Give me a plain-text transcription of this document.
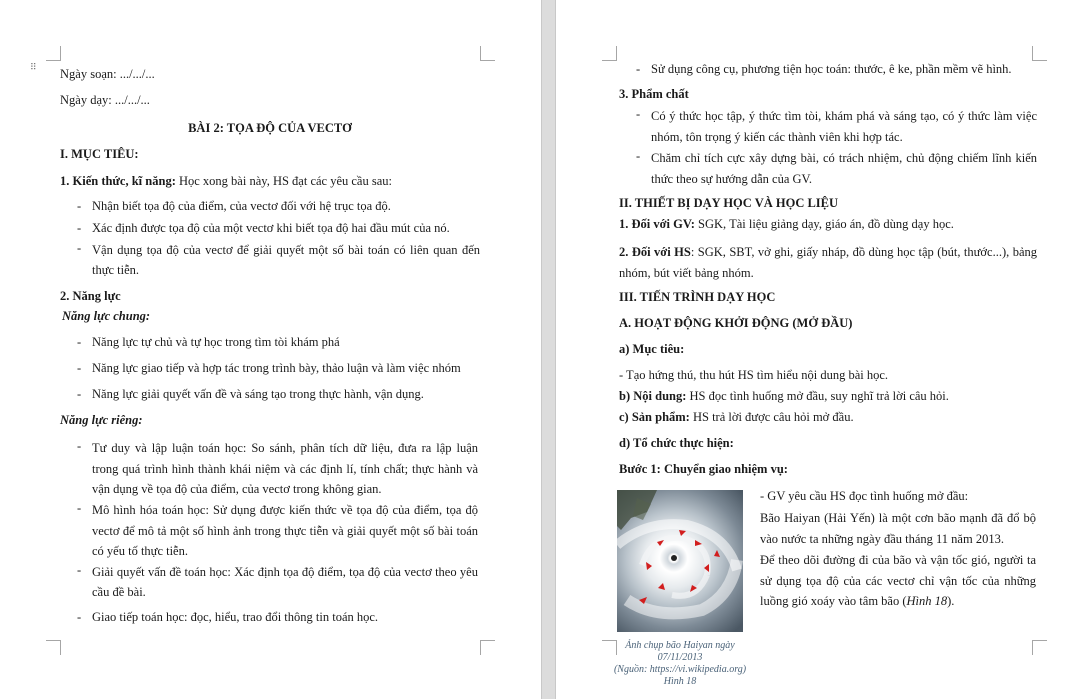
⠿ Ngày soạn: .../.../...
Ngày dạy: .../.../...
BÀI 2: TỌA ĐỘ CỦA VECTƠ
I. MỤC TIÊU:
1. Kiến thức, kĩ năng: Học xong bài này, HS đạt các yêu cầu sau:
- Nhận biết tọa độ của điểm, của vectơ đối với hệ trục tọa độ.
- Xác định được tọa độ của một vectơ khi biết tọa độ hai đầu mút của nó.
- Vận dụng tọa độ của vectơ để giải quyết một số bài toán có liên quan đến thực tiễn.
2. Năng lực
Năng lực chung:
- Năng lực tự chủ và tự học trong tìm tòi khám phá
- Năng lực giao tiếp và hợp tác trong trình bày, thảo luận và làm việc nhóm
- Năng lực giải quyết vấn đề và sáng tạo trong thực hành, vận dụng.
Năng lực riêng:
- Tư duy và lập luận toán học: So sánh, phân tích dữ liệu, đưa ra lập luận trong quá trình hình thành khái niệm và các định lí, tính chất; thực hành và vận dụng về tọa độ của điểm, của vectơ trong không gian.
- Mô hình hóa toán học: Sử dụng được kiến thức về tọa độ của điểm, tọa độ vectơ để mô tả một số hình ảnh trong thực tiễn và giải quyết một số bài toán có yếu tố thực tiễn.
- Giải quyết vấn đề toán học: Xác định tọa độ điểm, tọa độ của vectơ theo yêu cầu đề bài.
- Giao tiếp toán học: đọc, hiểu, trao đổi thông tin toán học.
- Sử dụng công cụ, phương tiện học toán: thước, ê ke, phần mềm vẽ hình.
3. Phẩm chất
- Có ý thức học tập, ý thức tìm tòi, khám phá và sáng tạo, có ý thức làm việc nhóm, tôn trọng ý kiến các thành viên khi hợp tác.
- Chăm chỉ tích cực xây dựng bài, có trách nhiệm, chủ động chiếm lĩnh kiến thức theo sự hướng dẫn của GV.
II. THIẾT BỊ DẠY HỌC VÀ HỌC LIỆU
1. Đối với GV: SGK, Tài liệu giảng dạy, giáo án, đồ dùng dạy học.
2. Đối với HS: SGK, SBT, vở ghi, giấy nháp, đồ dùng học tập (bút, thước...), bảng nhóm, bút viết bảng nhóm.
III. TIẾN TRÌNH DẠY HỌC
A. HOẠT ĐỘNG KHỞI ĐỘNG (MỞ ĐẦU)
a) Mục tiêu:
- Tạo hứng thú, thu hút HS tìm hiểu nội dung bài học.
b) Nội dung: HS đọc tình huống mở đầu, suy nghĩ trả lời câu hỏi.
c) Sản phẩm: HS trả lời được câu hỏi mở đầu.
d) Tổ chức thực hiện:
Bước 1: Chuyển giao nhiệm vụ:
Ảnh chụp bão Haiyan ngày
07/11/2013
(Nguồn: https://vi.wikipedia.org)
Hình 18
- GV yêu cầu HS đọc tình huống mở đầu:
Bão Haiyan (Hải Yến) là một cơn bão mạnh đã đổ bộ vào nước ta những ngày đầu tháng 11 năm 2013.
Để theo dõi đường đi của bão và vận tốc gió, người ta sử dụng tọa độ của các vectơ chỉ vận tốc của những luồng gió xoáy vào tâm bão (Hình 18).
